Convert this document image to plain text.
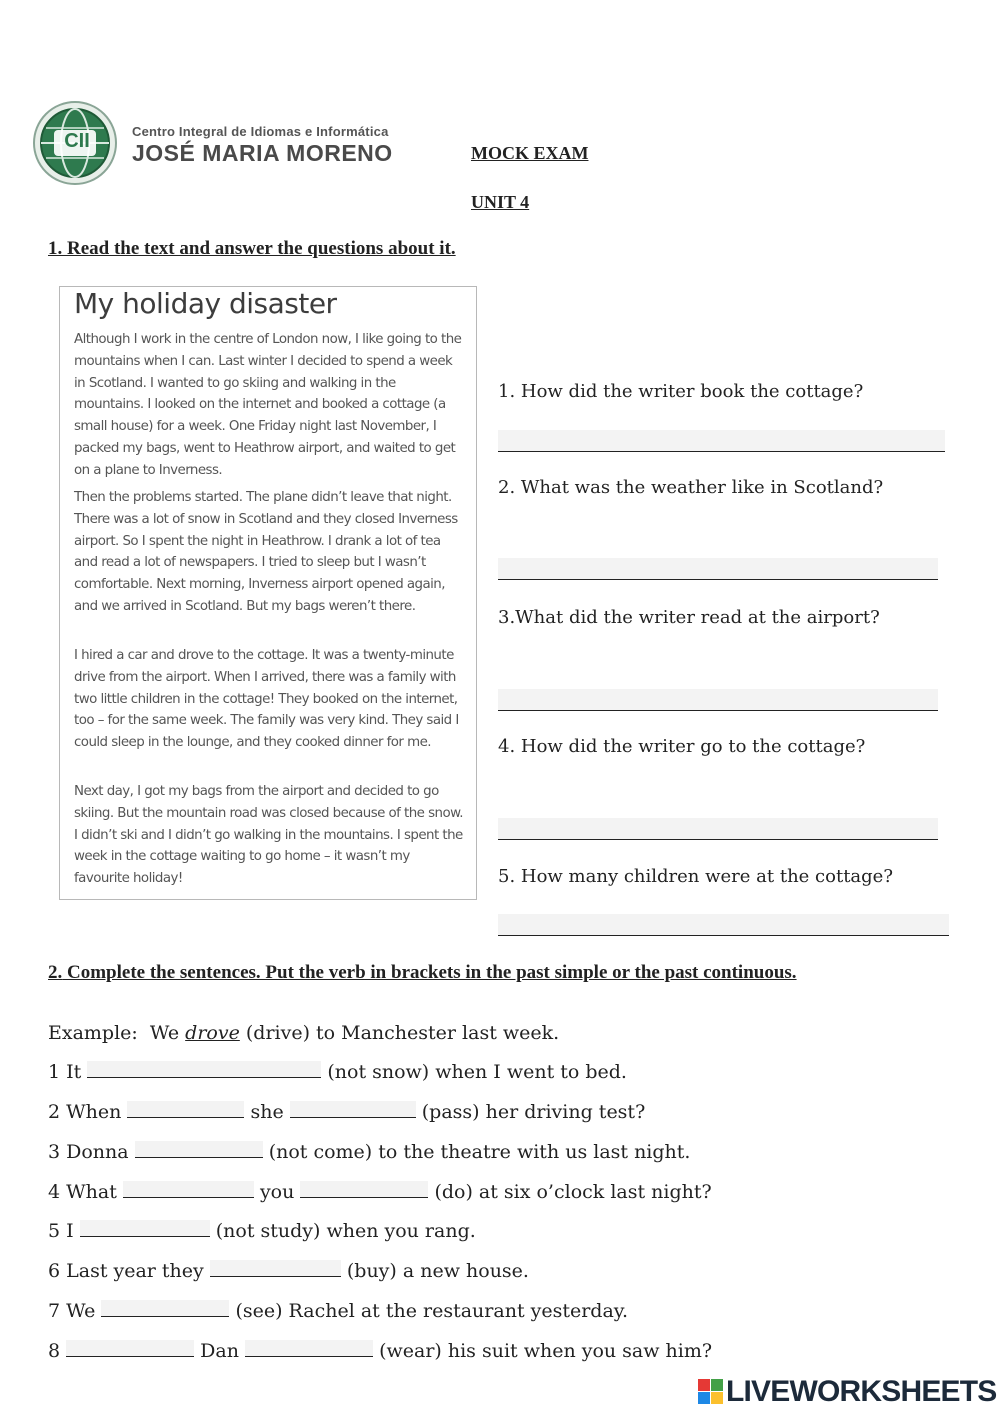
CII	Centro Integral de Idiomas e Informática
JOSÉ MARIA MORENO	MOCK EXAM
UNIT 4
1. Read the text and answer the questions about it.
My holiday disaster

Although I work in the centre of London now, I like going to the mountains when I can. Last winter I decided to spend a week in Scotland. I wanted to go skiing and walking in the mountains. I looked on the internet and booked a cottage (a small house) for a week. One Friday night last November, I packed my bags, went to Heathrow airport, and waited to get on a plane to Inverness.

Then the problems started. The plane didn’t leave that night. There was a lot of snow in Scotland and they closed Inverness airport. So I spent the night in Heathrow. I drank a lot of tea and read a lot of newspapers. I tried to sleep but I wasn’t comfortable. Next morning, Inverness airport opened again, and we arrived in Scotland. But my bags weren’t there.

I hired a car and drove to the cottage. It was a twenty-minute drive from the airport. When I arrived, there was a family with two little children in the cottage! They booked on the internet, too – for the same week. The family was very kind. They said I could sleep in the lounge, and they cooked dinner for me.

Next day, I got my bags from the airport and decided to go skiing. But the mountain road was closed because of the snow. I didn’t ski and I didn’t go walking in the mountains. I spent the week in the cottage waiting to go home – it wasn’t my favourite holiday!

1. How did the writer book the cottage?
2. What was the weather like in Scotland?
3.What did the writer read at the airport?
4. How did the writer go to the cottage?
5. How many children were at the cottage?
2. Complete the sentences. Put the verb in brackets in the past simple or the past continuous.
Example:  We drove (drive) to Manchester last week.
1 It	(not snow) when I went to bed.
2 When	she	(pass) her driving test?
3 Donna	(not come) to the theatre with us last night.
4 What	you	(do) at six o’clock last night?
5 I	(not study) when you rang.
6 Last year they	(buy) a new house.
7 We	(see) Rachel at the restaurant yesterday.
8	Dan	(wear) his suit when you saw him?
LIVEWORKSHEETS
